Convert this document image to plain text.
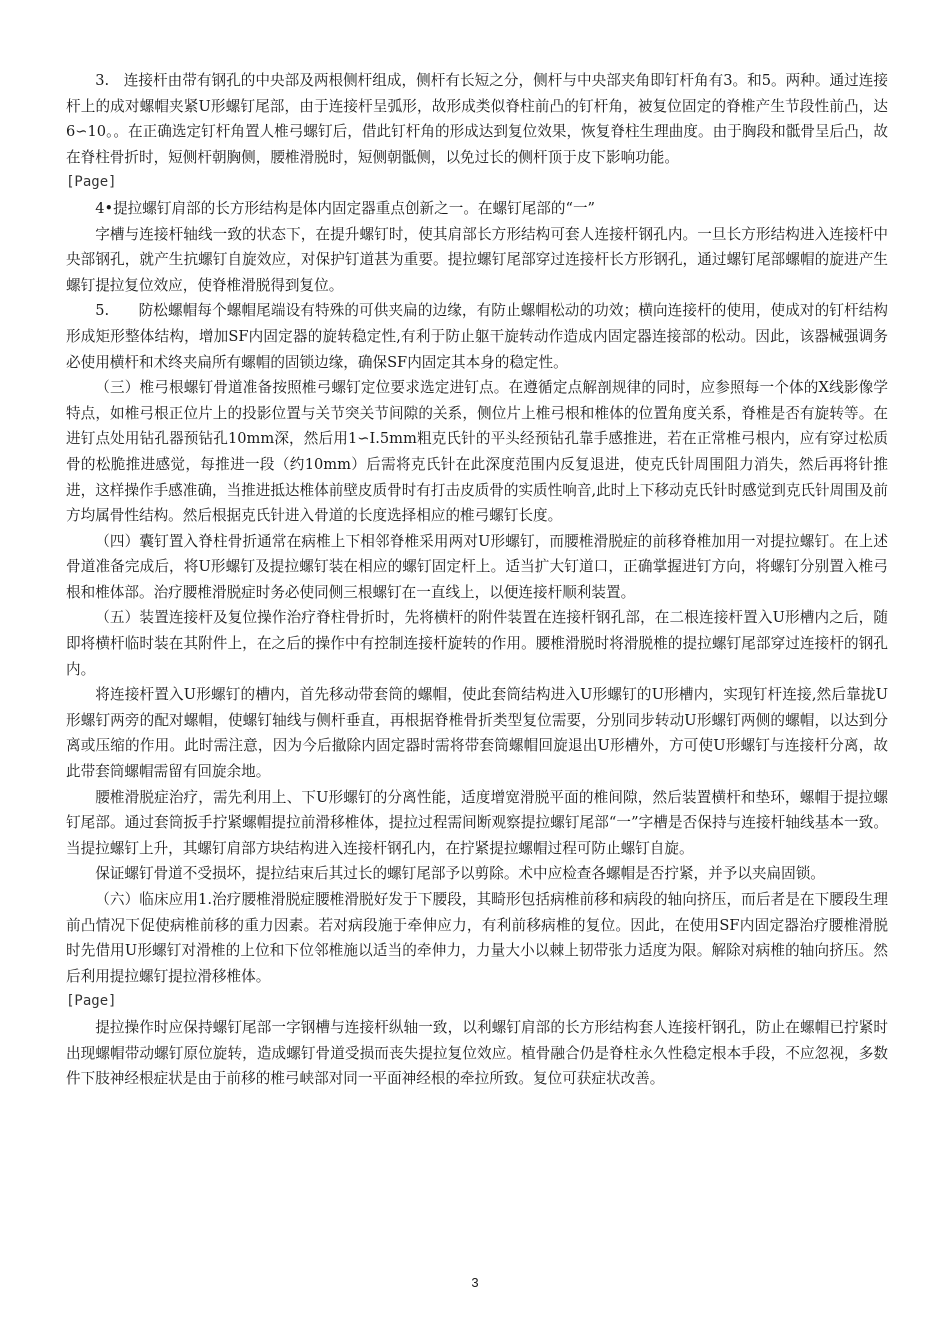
3.　连接杆由带有钢孔的中央部及两根侧杆组成，侧杆有长短之分，侧杆与中央部夹角即钉杆角有3。和5。两种。通过连接杆上的成对螺帽夹紧U形螺钉尾部，由于连接杆呈弧形，故形成类似脊柱前凸的钉杆角，被复位固定的脊椎产生节段性前凸，达6∽10。。在正确选定钉杆角置人椎弓螺钉后，借此钉杆角的形成达到复位效果，恢复脊柱生理曲度。由于胸段和骶骨呈后凸，故在脊柱骨折时，短侧杆朝胸侧，腰椎滑脱时，短侧朝骶侧，以免过长的侧杆顶于皮下影响功能。

[Page]

4•提拉螺钉肩部的长方形结构是体内固定器重点创新之一。在螺钉尾部的“一”

字槽与连接杆轴线一致的状态下，在提升螺钉时，使其肩部长方形结构可套人连接杆钢孔内。一旦长方形结构进入连接杆中央部钢孔，就产生抗螺钉自旋效应，对保护钉道甚为重要。提拉螺钉尾部穿过连接杆长方形钢孔，通过螺钉尾部螺帽的旋进产生螺钉提拉复位效应，使脊椎滑脱得到复位。

5.　　防松螺帽每个螺帽尾端设有特殊的可供夹扁的边缘，有防止螺帽松动的功效；横向连接杆的使用，使成对的钉杆结构形成矩形整体结构，增加SF内固定器的旋转稳定性,有利于防止躯干旋转动作造成内固定器连接部的松动。因此，该器械强调务必使用横杆和术终夹扁所有螺帽的固锁边缘，确保SF内固定其本身的稳定性。

（三）椎弓根螺钉骨道准备按照椎弓螺钉定位要求选定进钉点。在遵循定点解剖规律的同时，应参照每一个体的X线影像学特点，如椎弓根正位片上的投影位置与关节突关节间隙的关系，侧位片上椎弓根和椎体的位置角度关系，脊椎是否有旋转等。在进钉点处用钻孔器预钻孔10mm深，然后用1∽I.5mm粗克氏针的平头经预钻孔靠手感推进，若在正常椎弓根内，应有穿过松质骨的松脆推进感觉，每推进一段（约10mm）后需将克氏针在此深度范围内反复退进，使克氏针周围阻力消失，然后再将针推进，这样操作手感准确，当推进抵达椎体前壁皮质骨时有打击皮质骨的实质性响音,此时上下移动克氏针时感觉到克氏针周围及前方均属骨性结构。然后根据克氏针进入骨道的长度选择相应的椎弓螺钉长度。

（四）囊钉置入脊柱骨折通常在病椎上下相邻脊椎采用两对U形螺钉，而腰椎滑脱症的前移脊椎加用一对提拉螺钉。在上述骨道准备完成后，将U形螺钉及提拉螺钉装在相应的螺钉固定杆上。适当扩大钉道口，正确掌握进钉方向，将螺钉分别置入椎弓根和椎体部。治疗腰椎滑脱症时务必使同侧三根螺钉在一直线上，以便连接杆顺利装置。

（五）装置连接杆及复位操作治疗脊柱骨折时，先将横杆的附件装置在连接杆钢孔部，在二根连接杆置入U形槽内之后，随即将横杆临时装在其附件上，在之后的操作中有控制连接杆旋转的作用。腰椎滑脱时将滑脱椎的提拉螺钉尾部穿过连接杆的钢孔内。

将连接杆置入U形螺钉的槽内，首先移动带套筒的螺帽，使此套筒结构进入U形螺钉的U形槽内，实现钉杆连接,然后靠拢U形螺钉两旁的配对螺帽，使螺钉轴线与侧杆垂直，再根据脊椎骨折类型复位需要，分别同步转动U形螺钉两侧的螺帽，以达到分离或压缩的作用。此时需注意，因为今后撤除内固定器时需将带套筒螺帽回旋退出U形槽外，方可使U形螺钉与连接杆分离，故此带套筒螺帽需留有回旋余地。

腰椎滑脱症治疗，需先利用上、下U形螺钉的分离性能，适度增宽滑脱平面的椎间隙，然后装置横杆和垫环，螺帽于提拉螺钉尾部。通过套筒扳手拧紧螺帽提拉前滑移椎体，提拉过程需间断观察提拉螺钉尾部“一”字槽是否保持与连接杆轴线基本一致。当提拉螺钉上升，其螺钉肩部方块结构进入连接杆钢孔内，在拧紧提拉螺帽过程可防止螺钉自旋。

保证螺钉骨道不受损坏，提拉结束后其过长的螺钉尾部予以剪除。术中应检查各螺帽是否拧紧，并予以夹扁固锁。

（六）临床应用1.治疗腰椎滑脱症腰椎滑脱好发于下腰段，其畸形包括病椎前移和病段的轴向挤压，而后者是在下腰段生理前凸情况下促使病椎前移的重力因素。若对病段施于牵伸应力，有利前移病椎的复位。因此，在使用SF内固定器治疗腰椎滑脱时先借用U形螺钉对滑椎的上位和下位邻椎施以适当的牵伸力，力量大小以棘上韧带张力适度为限。解除对病椎的轴向挤压。然后利用提拉螺钉提拉滑移椎体。

[Page]

提拉操作时应保持螺钉尾部一字钢槽与连接杆纵轴一致，以利螺钉肩部的长方形结构套人连接杆钢孔，防止在螺帽已拧紧时出现螺帽带动螺钉原位旋转，造成螺钉骨道受损而丧失提拉复位效应。植骨融合仍是脊柱永久性稳定根本手段，不应忽视，多数件下肢神经根症状是由于前移的椎弓峡部对同一平面神经根的牵拉所致。复位可获症状改善。

3
